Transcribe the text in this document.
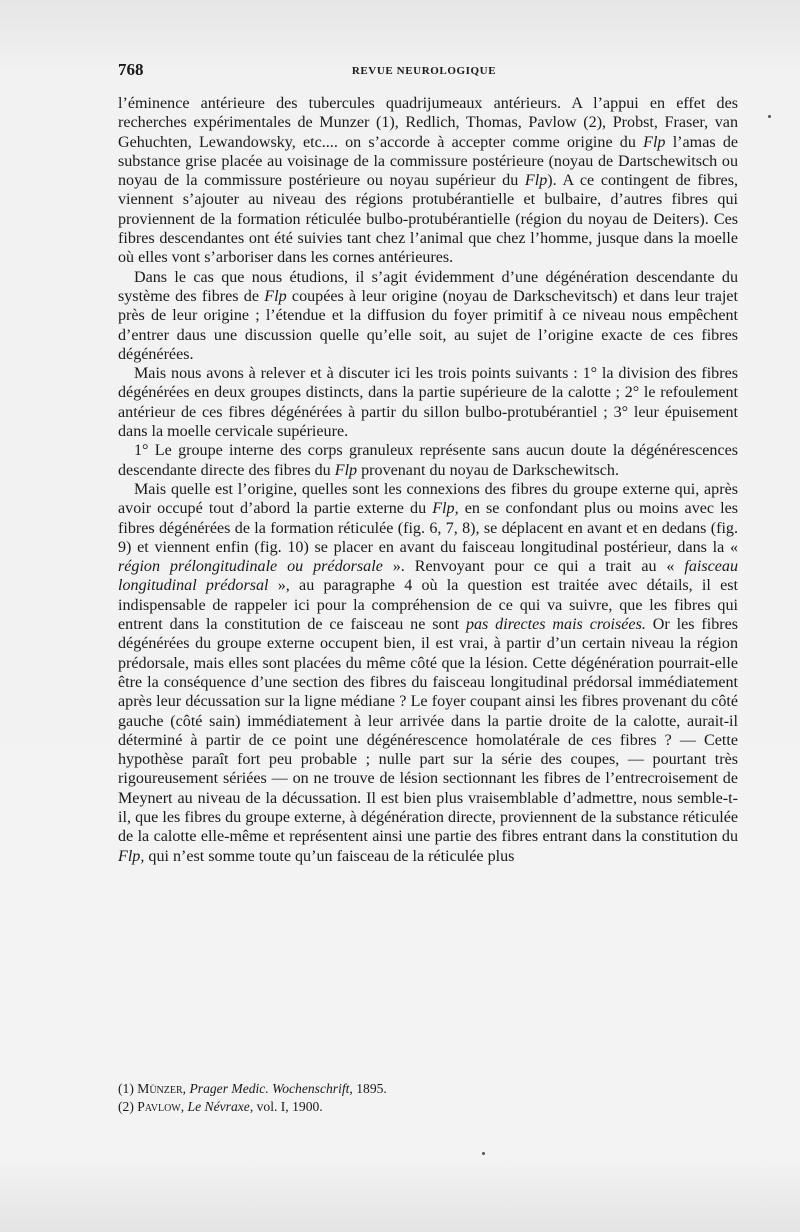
768	REVUE NEUROLOGIQUE

l’éminence antérieure des tubercules quadrijumeaux antérieurs. A l’appui en effet des recherches expérimentales de Munzer (1), Redlich, Thomas, Pavlow (2), Probst, Fraser, van Gehuchten, Lewandowsky, etc.... on s’accorde à accepter comme origine du Flp l’amas de substance grise placée au voisinage de la commissure postérieure (noyau de Dartschewitsch ou noyau de la commissure postérieure ou noyau supérieur du Flp). A ce contingent de fibres, viennent s’ajouter au niveau des régions protubérantielle et bulbaire, d’autres fibres qui proviennent de la formation réticulée bulbo-protubérantielle (région du noyau de Deiters). Ces fibres descendantes ont été suivies tant chez l’animal que chez l’homme, jusque dans la moelle où elles vont s’arboriser dans les cornes antérieures.

Dans le cas que nous étudions, il s’agit évidemment d’une dégénération descendante du système des fibres de Flp coupées à leur origine (noyau de Darkschevitsch) et dans leur trajet près de leur origine ; l’étendue et la diffusion du foyer primitif à ce niveau nous empêchent d’entrer daus une discussion quelle qu’elle soit, au sujet de l’origine exacte de ces fibres dégénérées.

Mais nous avons à relever et à discuter ici les trois points suivants : 1° la division des fibres dégénérées en deux groupes distincts, dans la partie supérieure de la calotte ; 2° le refoulement antérieur de ces fibres dégénérées à partir du sillon bulbo-protubérantiel ; 3° leur épuisement dans la moelle cervicale supérieure.

1° Le groupe interne des corps granuleux représente sans aucun doute la dégénérescences descendante directe des fibres du Flp provenant du noyau de Darkschewitsch.

Mais quelle est l’origine, quelles sont les connexions des fibres du groupe externe qui, après avoir occupé tout d’abord la partie externe du Flp, en se confondant plus ou moins avec les fibres dégénérées de la formation réticulée (fig. 6, 7, 8), se déplacent en avant et en dedans (fig. 9) et viennent enfin (fig. 10) se placer en avant du faisceau longitudinal postérieur, dans la « région prélongitudinale ou prédorsale ». Renvoyant pour ce qui a trait au « faisceau longitudinal prédorsal », au paragraphe 4 où la question est traitée avec détails, il est indispensable de rappeler ici pour la compréhension de ce qui va suivre, que les fibres qui entrent dans la constitution de ce faisceau ne sont pas directes mais croisées. Or les fibres dégénérées du groupe externe occupent bien, il est vrai, à partir d’un certain niveau la région prédorsale, mais elles sont placées du même côté que la lésion. Cette dégénération pourrait-elle être la conséquence d’une section des fibres du faisceau longitudinal prédorsal immédiatement après leur décussation sur la ligne médiane ? Le foyer coupant ainsi les fibres provenant du côté gauche (côté sain) immédiatement à leur arrivée dans la partie droite de la calotte, aurait-il déterminé à partir de ce point une dégénérescence homolatérale de ces fibres ? — Cette hypothèse paraît fort peu probable ; nulle part sur la série des coupes, — pourtant très rigoureusement sériées — on ne trouve de lésion sectionnant les fibres de l’entrecroisement de Meynert au niveau de la décussation. Il est bien plus vraisemblable d’admettre, nous semble-t-il, que les fibres du groupe externe, à dégénération directe, proviennent de la substance réticulée de la calotte elle-même et représentent ainsi une partie des fibres entrant dans la constitution du Flp, qui n’est somme toute qu’un faisceau de la réticulée plus

(1) Münzer, Prager Medic. Wochenschrift, 1895.
(2) Pavlow, Le Névraxe, vol. I, 1900.
